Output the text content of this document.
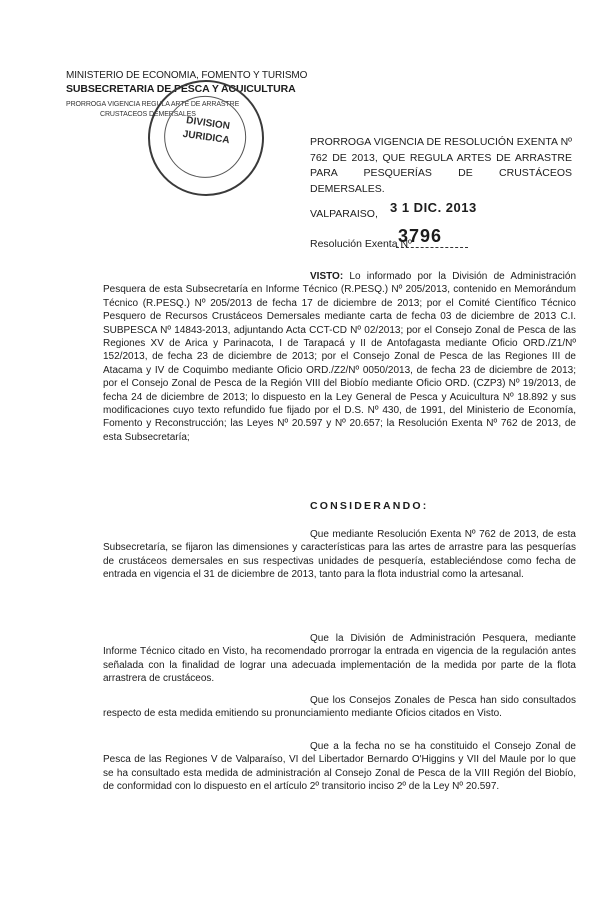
MINISTERIO DE ECONOMIA, FOMENTO Y TURISMO
SUBSECRETARIA DE PESCA Y ACUICULTURA
PRORROGA VIGENCIA REGULA ARTE DE ARRASTRE
CRUSTACEOS DEMERSALES
DIVISION
JURIDICA	PRORROGA VIGENCIA DE RESOLUCIÓN EXENTA Nº 762 DE 2013, QUE REGULA ARTES DE ARRASTRE PARA PESQUERÍAS DE CRUSTÁCEOS DEMERSALES.
VALPARAISO, 3 1 DIC. 2013
Resolución Exenta Nº
3796

VISTO: Lo informado por la División de Administración Pesquera de esta Subsecretaría en Informe Técnico (R.PESQ.) Nº 205/2013, contenido en Memorándum Técnico (R.PESQ.) Nº 205/2013 de fecha 17 de diciembre de 2013; por el Comité Científico Técnico Pesquero de Recursos Crustáceos Demersales mediante carta de fecha 03 de diciembre de 2013 C.I. SUBPESCA Nº 14843-2013, adjuntando Acta CCT-CD Nº 02/2013; por el Consejo Zonal de Pesca de las Regiones XV de Arica y Parinacota, I de Tarapacá y II de Antofagasta mediante Oficio ORD./Z1/Nº 152/2013, de fecha 23 de diciembre de 2013; por el Consejo Zonal de Pesca de las Regiones III de Atacama y IV de Coquimbo mediante Oficio ORD./Z2/Nº 0050/2013, de fecha 23 de diciembre de 2013; por el Consejo Zonal de Pesca de la Región VIII del Biobío mediante Oficio ORD. (CZP3) Nº 19/2013, de fecha 24 de diciembre de 2013; lo dispuesto en la Ley General de Pesca y Acuicultura Nº 18.892 y sus modificaciones cuyo texto refundido fue fijado por el D.S. Nº 430, de 1991, del Ministerio de Economía, Fomento y Reconstrucción; las Leyes Nº 20.597 y Nº 20.657; la Resolución Exenta Nº 762 de 2013, de esta Subsecretaría;

CONSIDERANDO:

Que mediante Resolución Exenta Nº 762 de 2013, de esta Subsecretaría, se fijaron las dimensiones y características para las artes de arrastre para las pesquerías de crustáceos demersales en sus respectivas unidades de pesquería, estableciéndose como fecha de entrada en vigencia el 31 de diciembre de 2013, tanto para la flota industrial como la artesanal.

Que la División de Administración Pesquera, mediante Informe Técnico citado en Visto, ha recomendado prorrogar la entrada en vigencia de la regulación antes señalada con la finalidad de lograr una adecuada implementación de la medida por parte de la flota arrastrera de crustáceos.

Que los Consejos Zonales de Pesca han sido consultados respecto de esta medida emitiendo su pronunciamiento mediante Oficios citados en Visto.

Que a la fecha no se ha constituido el Consejo Zonal de Pesca de las Regiones V de Valparaíso, VI del Libertador Bernardo O'Higgins y VII del Maule por lo que se ha consultado esta medida de administración al Consejo Zonal de Pesca de la VIII Región del Biobío, de conformidad con lo dispuesto en el artículo 2º transitorio inciso 2º de la Ley Nº 20.597.
